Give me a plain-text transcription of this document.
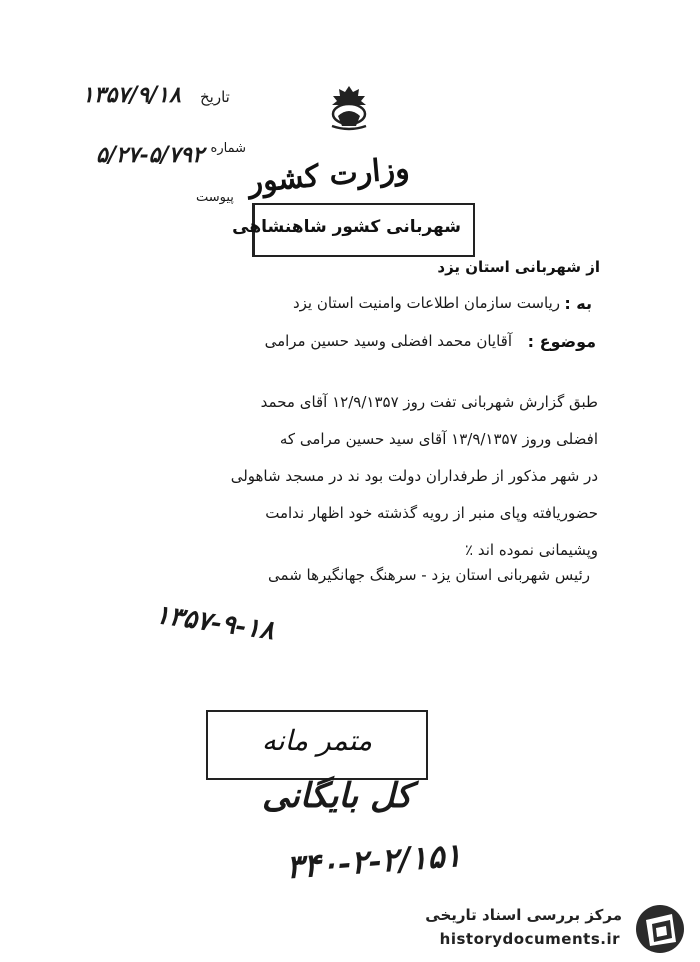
تاریخ
۱۳۵۷/۹/۱۸
شماره
۵/۲۷-۵/۷۹۲
پیوست وزارت کشور
شهربانی کشور شاهنشاهی
از شهربانی استان یزد
به :
ریاست سازمان اطلاعات وامنیت استان یزد
موضوع :
آقایان محمد افضلی وسید حسین مرامی

طبق گزارش شهربانی تفت روز ۱۲/۹/۱۳۵۷ آقای محمد

افضلی وروز ۱۳/۹/۱۳۵۷ آقای سید حسین مرامی که

در شهر مذکور از طرفداران دولت بود ند در مسجد شاهولی

حضوریافته وپای منبر از رویه گذشته خود اظهار ندامت

وپشیمانی نموده اند ٪

رئیس شهربانی استان یزد - سرهنگ جهانگیرها شمی
۱۳۵۷-۹-۱۸
متمر مانه
کل بایگانی
۳۴۰-۲-۲/۱۵۱
مرکز بررسی اسناد تاریخی
historydocuments.ir
